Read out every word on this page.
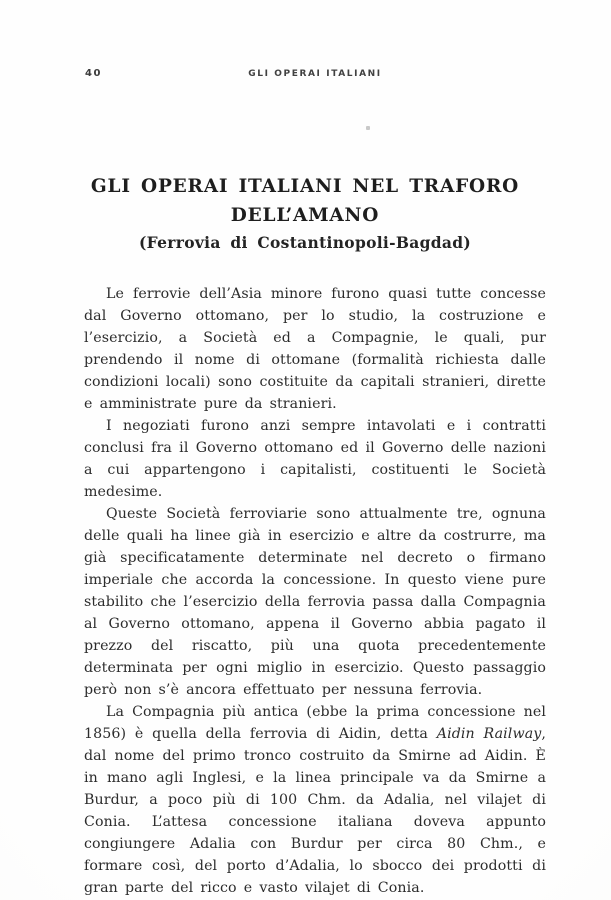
40	GLI OPERAI ITALIANI
GLI OPERAI ITALIANI NEL TRAFORO
DELL’AMANO
(Ferrovia di Costantinopoli-Bagdad)

Le ferrovie dell’Asia minore furono quasi tutte concesse dal Governo ottomano, per lo studio, la costruzione e l’esercizio, a Società ed a Compagnie, le quali, pur prendendo il nome di ottomane (formalità richiesta dalle condizioni locali) sono costituite da capitali stranieri, dirette e amministrate pure da stranieri.

I negoziati furono anzi sempre intavolati e i contratti conclusi fra il Governo ottomano ed il Governo delle nazioni a cui appartengono i capitalisti, costituenti le Società medesime.

Queste Società ferroviarie sono attualmente tre, ognuna delle quali ha linee già in esercizio e altre da costrurre, ma già specificatamente determinate nel decreto o firmano imperiale che accorda la concessione. In questo viene pure stabilito che l’esercizio della ferrovia passa dalla Compagnia al Governo ottomano, appena il Governo abbia pagato il prezzo del riscatto, più una quota precedentemente determinata per ogni miglio in esercizio. Questo passaggio però non s’è ancora effettuato per nessuna ferrovia.

La Compagnia più antica (ebbe la prima concessione nel 1856) è quella della ferrovia di Aidin, detta Aidin Railway, dal nome del primo tronco costruito da Smirne ad Aidin. È in mano agli Inglesi, e la linea principale va da Smirne a Burdur, a poco più di 100 Chm. da Adalia, nel vilajet di Conia. L’attesa concessione italiana doveva appunto congiungere Adalia con Burdur per circa 80 Chm., e formare così, del porto d’Adalia, lo sbocco dei prodotti di gran parte del ricco e vasto vilajet di Conia.
